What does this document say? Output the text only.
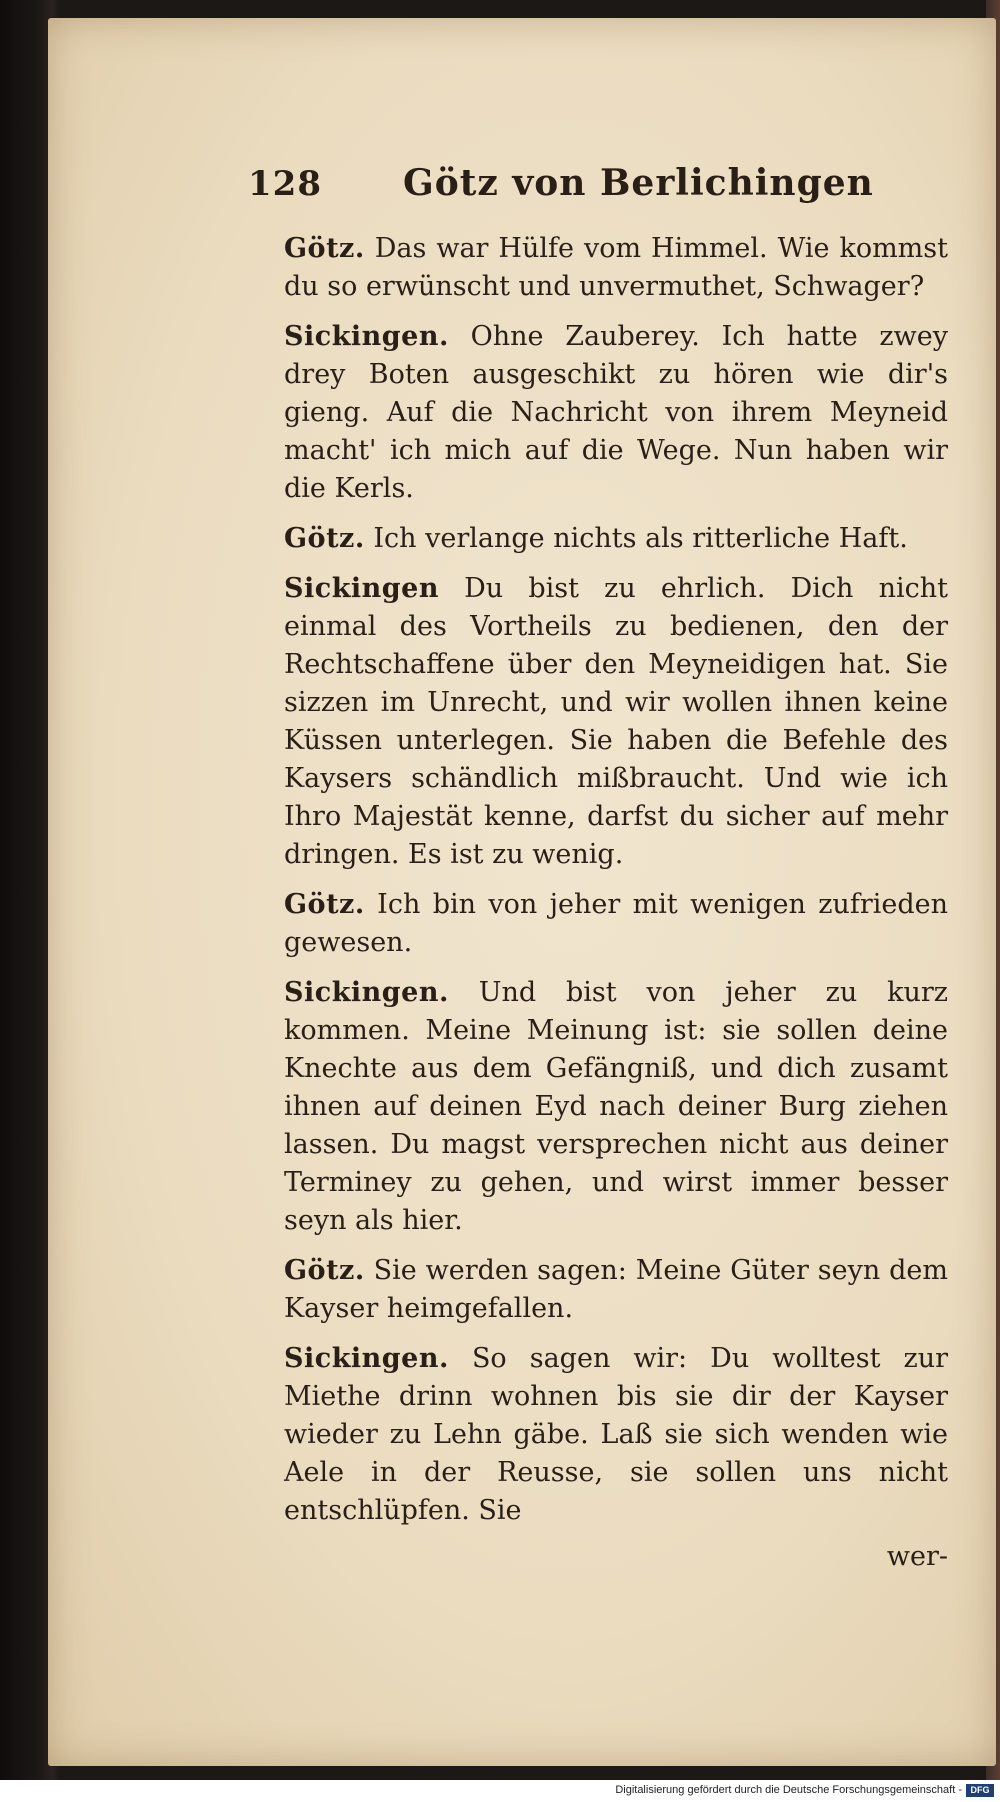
128 Götz von Berlichingen

Götz. Das war Hülfe vom Himmel. Wie kommst du so erwünscht und unvermuthet, Schwager?

Sickingen. Ohne Zauberey. Ich hatte zwey drey Boten ausgeschikt zu hören wie dir's gieng. Auf die Nachricht von ihrem Meyneid macht' ich mich auf die Wege. Nun haben wir die Kerls.

Götz. Ich verlange nichts als ritterliche Haft.

Sickingen Du bist zu ehrlich. Dich nicht einmal des Vortheils zu bedienen, den der Rechtschaffene über den Meyneidigen hat. Sie sizzen im Unrecht, und wir wollen ihnen keine Küssen unterlegen. Sie haben die Befehle des Kaysers schändlich mißbraucht. Und wie ich Ihro Majestät kenne, darfst du sicher auf mehr dringen. Es ist zu wenig.

Götz. Ich bin von jeher mit wenigen zufrieden gewesen.

Sickingen. Und bist von jeher zu kurz kommen. Meine Meinung ist: sie sollen deine Knechte aus dem Gefängniß, und dich zusamt ihnen auf deinen Eyd nach deiner Burg ziehen lassen. Du magst versprechen nicht aus deiner Terminey zu gehen, und wirst immer besser seyn als hier.

Götz. Sie werden sagen: Meine Güter seyn dem Kayser heimgefallen.

Sickingen. So sagen wir: Du wolltest zur Miethe drinn wohnen bis sie dir der Kayser wieder zu Lehn gäbe. Laß sie sich wenden wie Aele in der Reusse, sie sollen uns nicht entschlüpfen. Sie

wer-
Digitalisierung gefördert durch die Deutsche Forschungsgemeinschaft - DFG
